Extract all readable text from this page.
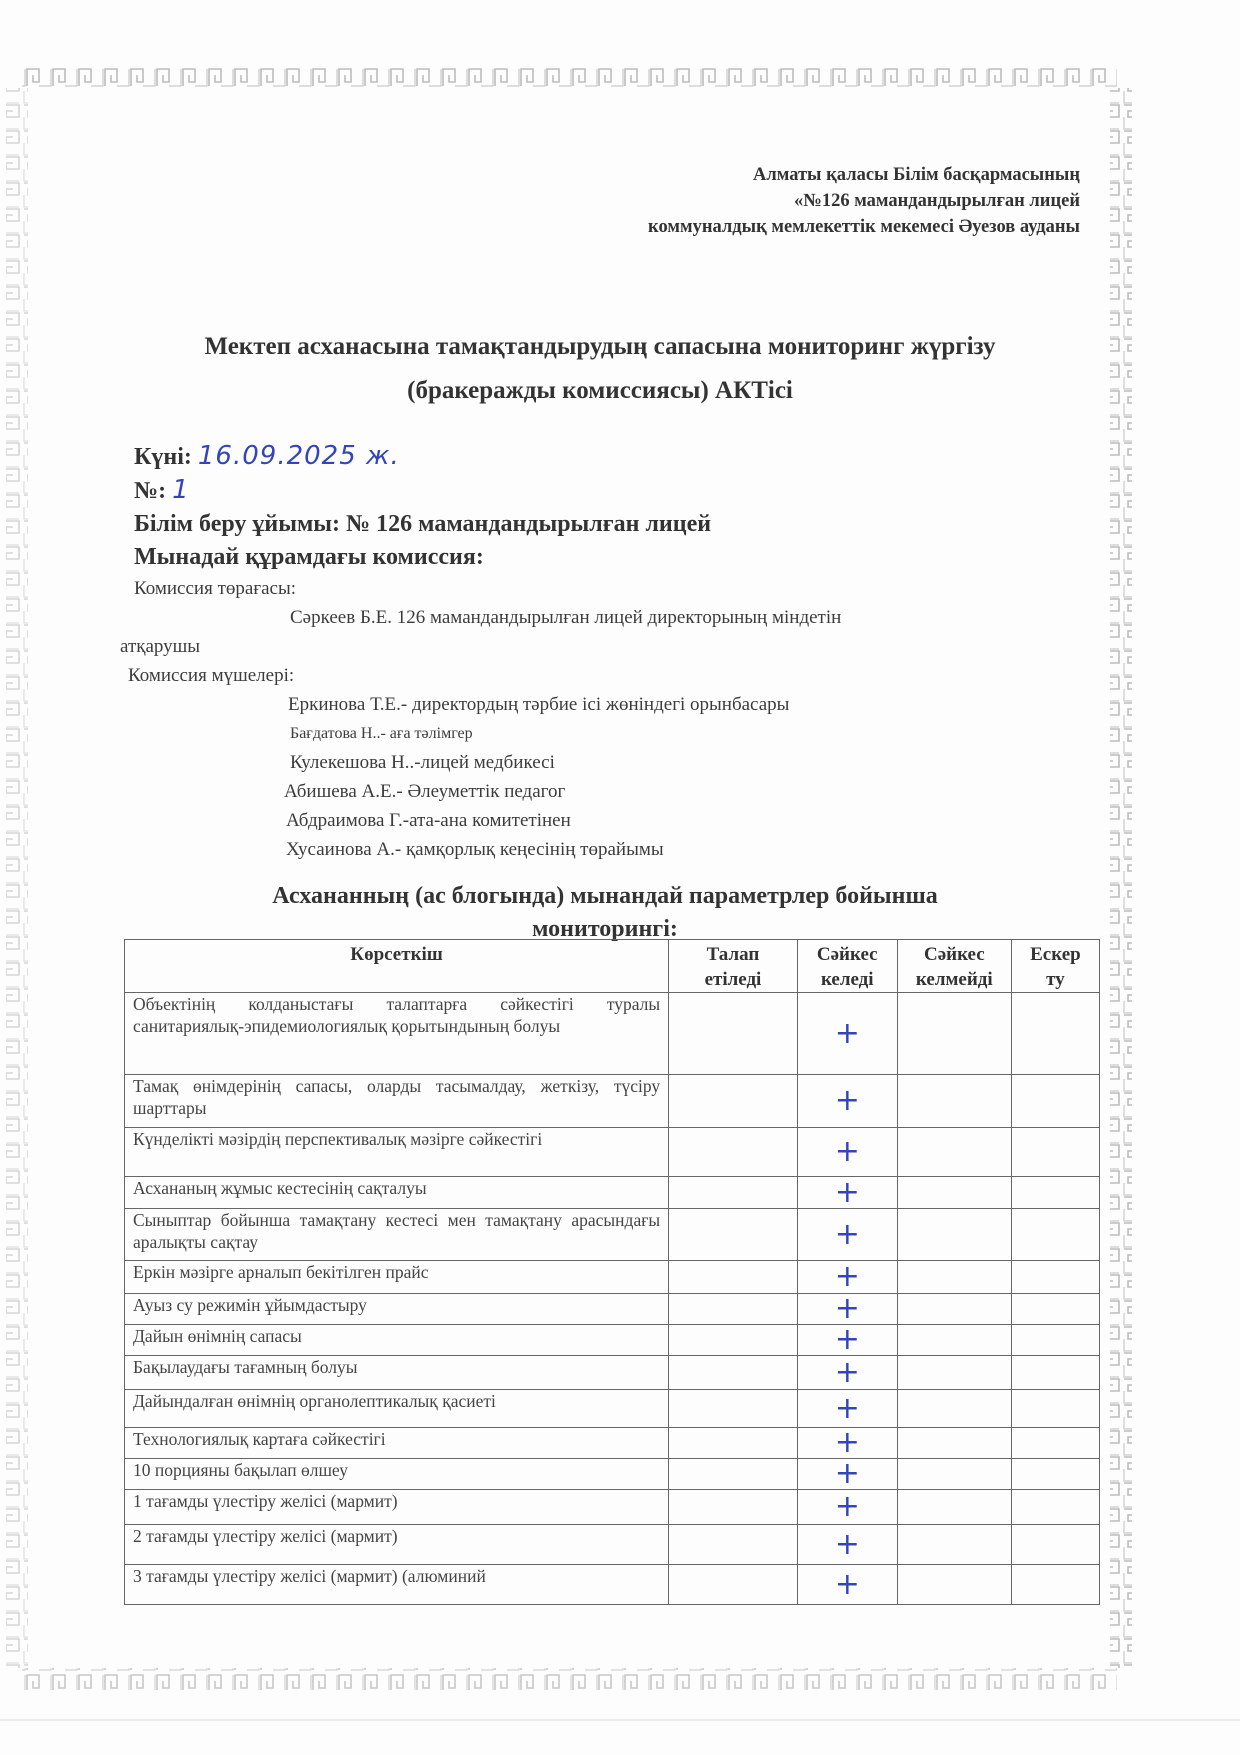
Алматы қаласы Білім басқармасының
«№126 мамандандырылған лицей
коммуналдық мемлекеттік мекемесі Әуезов ауданы
Мектеп асханасына тамақтандырудың сапасына мониторинг жүргізу
(бракеражды комиссиясы) АКТісі
Күні: 16.09.2025 ж.
№: 1
Білім беру ұйымы: № 126 мамандандырылған лицей
Мынадай құрамдағы комиссия:
Комиссия төрағасы:
Сәркеев Б.Е. 126 мамандандырылған лицей директорының міндетін
атқарушы
Комиссия мүшелері:
Еркинова Т.Е.- директордың тәрбие ісі жөніндегі орынбасары
Бағдатова Н..- аға тәлімгер
Кулекешова Н..-лицей медбикесі
Абишева А.Е.- Әлеуметтік педагог
Абдраимова Г.-ата-ана комитетінен
Хусаинова А.- қамқорлық кеңесінің төрайымы
Асхананның (ас блогында) мынандай параметрлер бойынша
мониторингі:
Көрсеткіш	Талап етіледі	Сәйкес келеді	Сәйкес келмейді	Ескер ту
Объектінің колданыстағы талаптарға сәйкестігі туралы санитариялық-эпидемиологиялық қорытындының болуы		+		
Тамақ өнімдерінің сапасы, оларды тасымалдау, жеткізу, түсіру шарттары		+		
Күнделікті мәзірдің перспективалық мәзірге сәйкестігі		+		
Асхананың жұмыс кестесінің сақталуы		+		
Сыныптар бойынша тамақтану кестесі мен тамақтану арасындағы аралықты сақтау		+		
Еркін мәзірге арналып бекітілген прайс		+		
Ауыз су режимін ұйымдастыру		+		
Дайын өнімнің сапасы		+		
Бақылаудағы тағамның болуы		+		
Дайындалған өнімнің органолептикалық қасиеті		+		
Технологиялық картаға сәйкестігі		+		
10 порцияны бақылап өлшеу		+		
1 тағамды үлестіру желісі (мармит)		+		
2 тағамды үлестіру желісі (мармит)		+		
3 тағамды үлестіру желісі (мармит) (алюминий		+		
